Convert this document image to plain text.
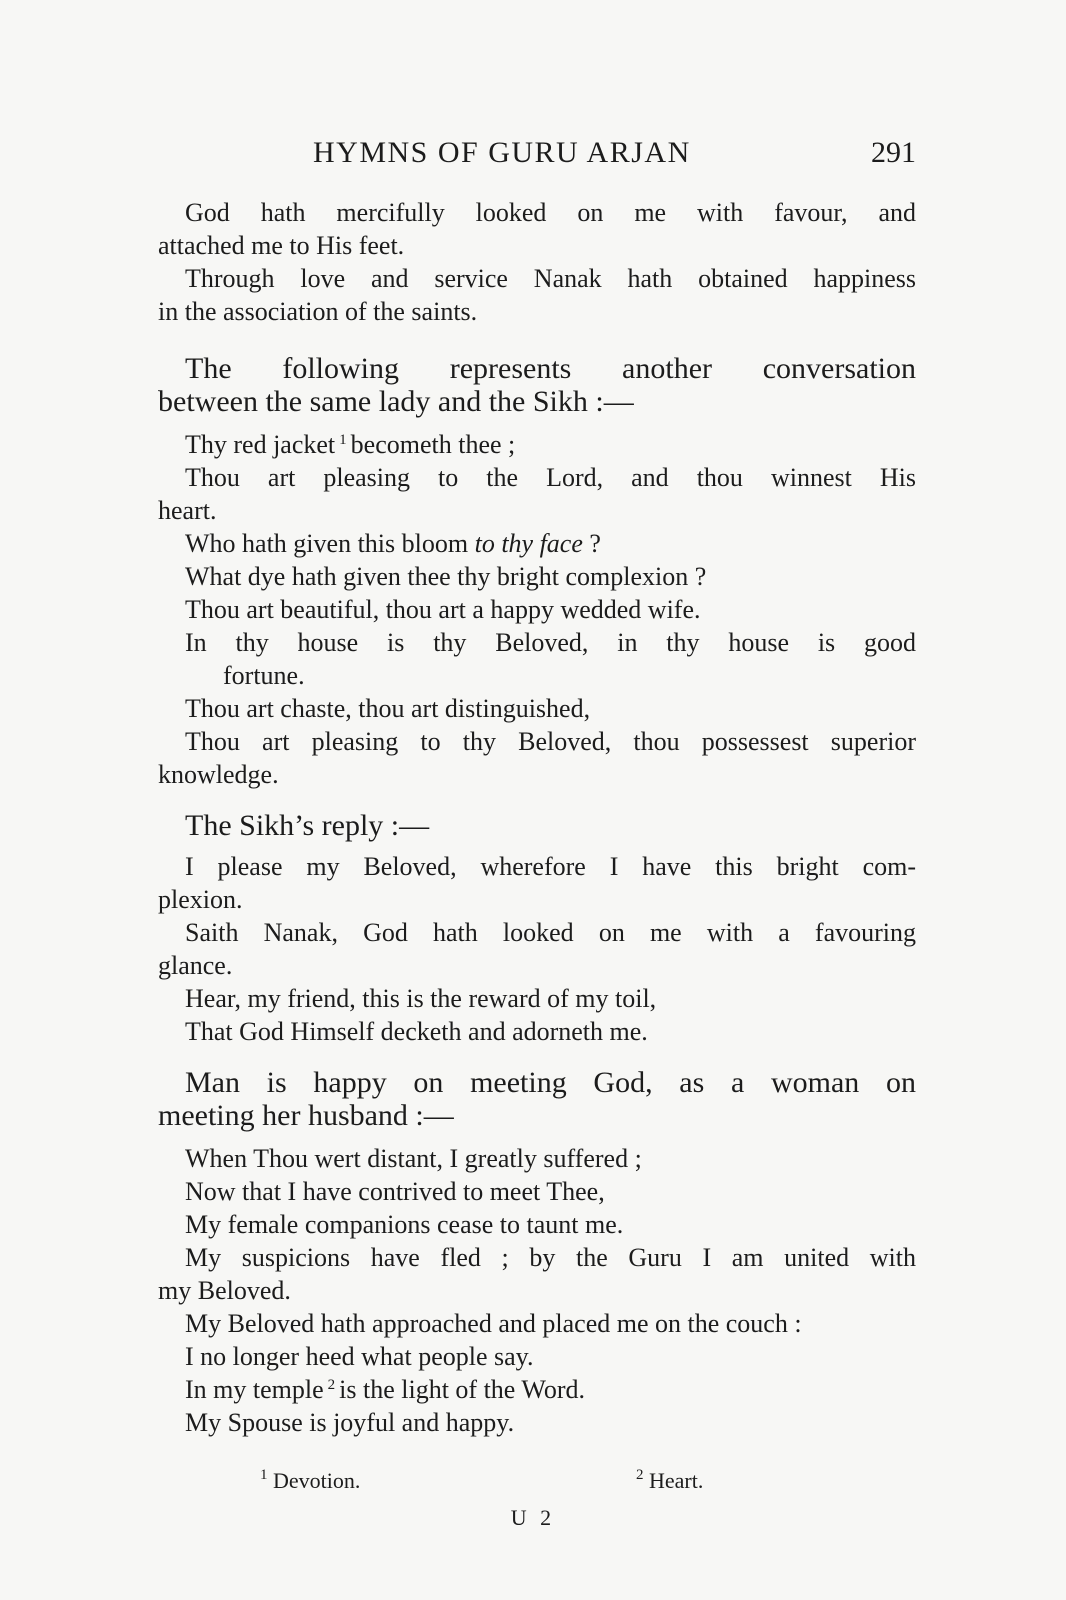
HYMNS OF GURU ARJAN	291
God hath mercifully looked on me with favour, and
attached me to His feet.
Through love and service Nanak hath obtained happiness
in the association of the saints.
The following represents another conversation
between the same lady and the Sikh :—
Thy red jacket $^1$ becometh thee ;
Thou art pleasing to the Lord, and thou winnest His
heart.
Who hath given this bloom to thy face ?
What dye hath given thee thy bright complexion ?
Thou art beautiful, thou art a happy wedded wife.
In thy house is thy Beloved, in thy house is good
fortune.
Thou art chaste, thou art distinguished,
Thou art pleasing to thy Beloved, thou possessest superior
knowledge.
The Sikh’s reply :—
I please my Beloved, wherefore I have this bright com-
plexion.
Saith Nanak, God hath looked on me with a favouring
glance.
Hear, my friend, this is the reward of my toil,
That God Himself decketh and adorneth me.
Man is happy on meeting God, as a woman on
meeting her husband :—
When Thou wert distant, I greatly suffered ;
Now that I have contrived to meet Thee,
My female companions cease to taunt me.
My suspicions have fled ; by the Guru I am united with
my Beloved.
My Beloved hath approached and placed me on the couch :
I no longer heed what people say.
In my temple $^2$ is the light of the Word.
My Spouse is joyful and happy.
$^1$ Devotion.	$^2$ Heart.
U 2
